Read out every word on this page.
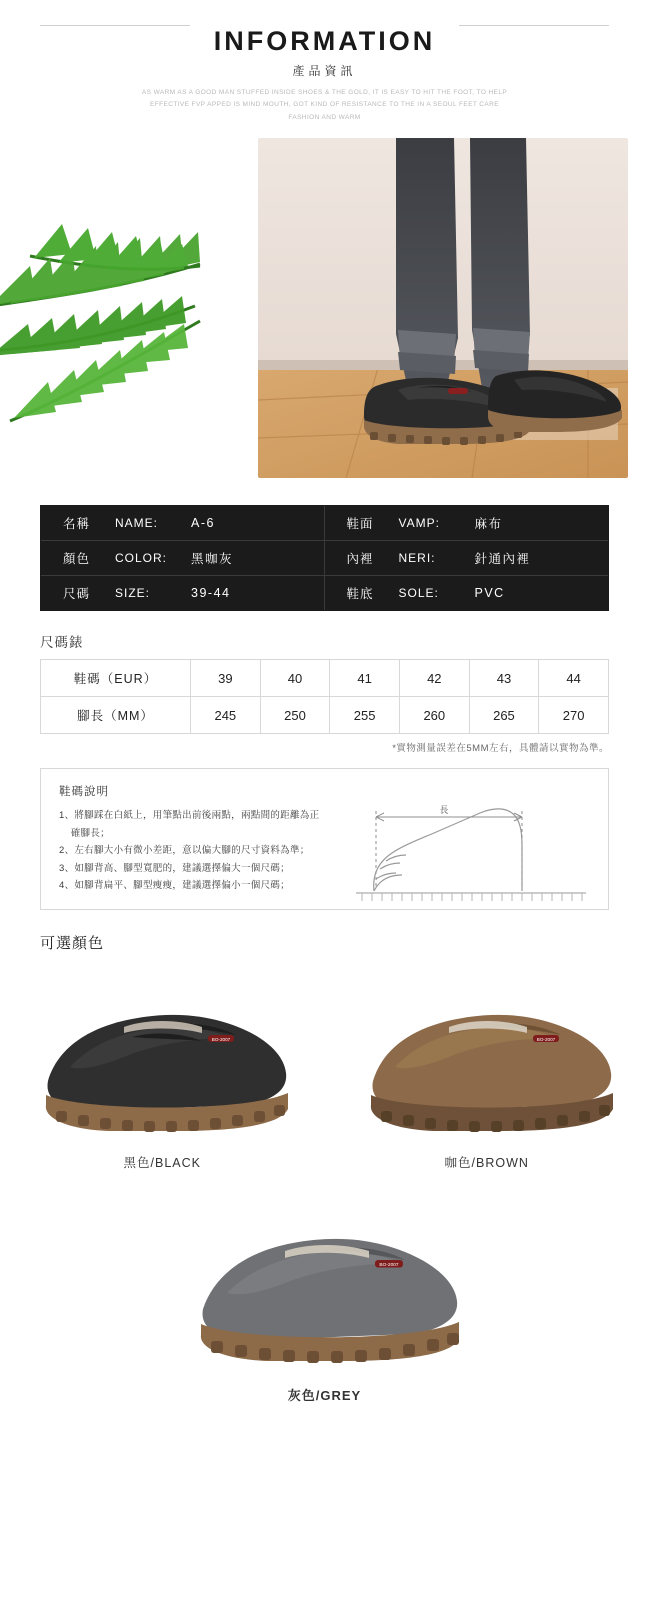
INFORMATION
產品資訊
AS WARM AS A GOOD MAN STUFFED INSIDE SHOES & THE GOLD, IT IS EASY TO HIT THE FOOT, TO HELP
EFFECTIVE FVP APPED IS MIND MOUTH, GOT KIND OF RESISTANCE TO THE IN A SEOUL FEET CARE
FASHION AND WARM
名稱	NAME:	A-6	鞋面	VAMP:	麻布
顏色	COLOR:	黑咖灰	內裡	NERI:	針通內裡
尺碼	SIZE:	39-44	鞋底	SOLE:	PVC
尺碼錶
鞋碼（EUR）	39	40	41	42	43	44
腳長（MM）	245	250	255	260	265	270
*實物測量誤差在5MM左右，具體請以實物為準。
鞋碼說明
1、將腳踩在白紙上，用筆點出前後兩點，兩點間的距離為正
確腳長；
2、左右腳大小有微小差距，意以偏大腳的尺寸資料為準；
3、如腳背高、腳型寬肥的，建議選擇偏大一個尺碼；
4、如腳背扁平、腳型瘦瘦，建議選擇偏小一個尺碼；
長
可選顏色
BO-2007
黑色/BLACK
BO-2007
咖色/BROWN
BO-2007
灰色/GREY
